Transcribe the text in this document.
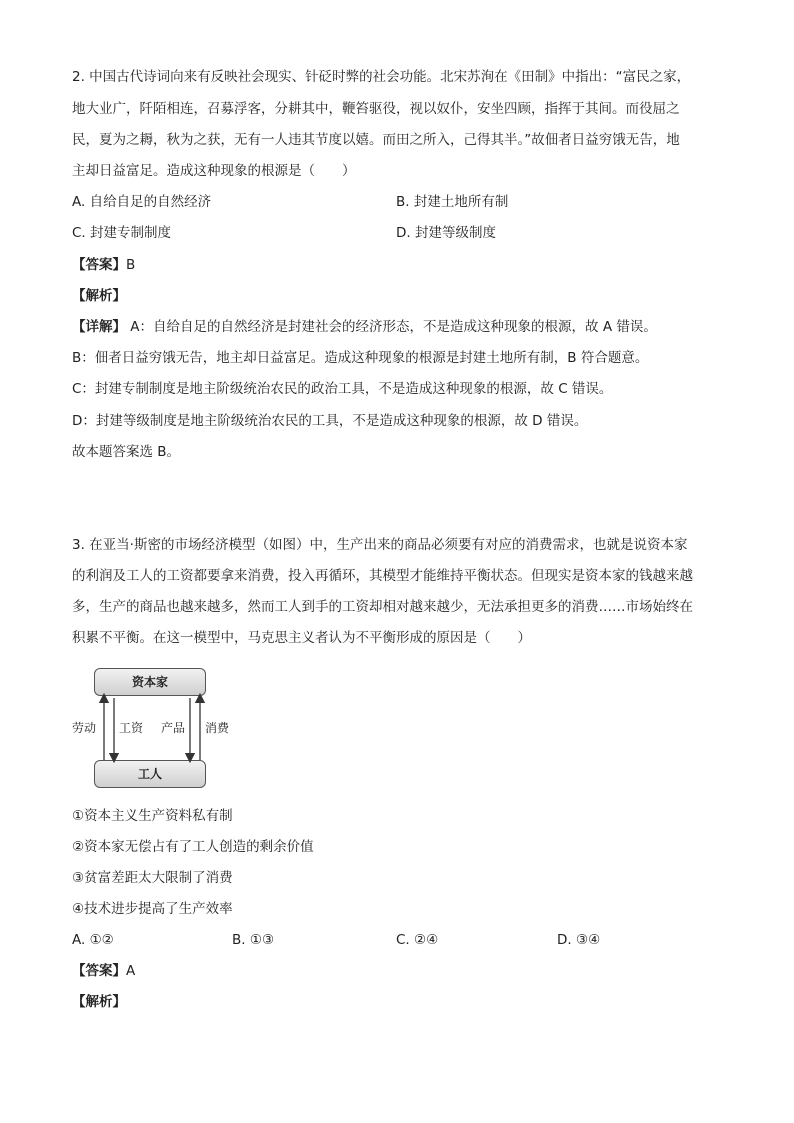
2. 中国古代诗词向来有反映社会现实、针砭时弊的社会功能。北宋苏洵在《田制》中指出：“富民之家，
地大业广，阡陌相连，召募浮客，分耕其中，鞭笞驱役，视以奴仆，安坐四顾，指挥于其间。而役屈之
民，夏为之耨，秋为之获，无有一人违其节度以嬉。而田之所入，己得其半。”故佃者日益穷饿无告，地
主却日益富足。造成这种现象的根源是（　　）
A. 自给自足的自然经济	B. 封建土地所有制
C. 封建专制制度	D. 封建等级制度
【答案】B
【解析】
【详解】 A：自给自足的自然经济是封建社会的经济形态，不是造成这种现象的根源，故 A 错误。
B：佃者日益穷饿无告，地主却日益富足。造成这种现象的根源是封建土地所有制，B 符合题意。
C：封建专制制度是地主阶级统治农民的政治工具，不是造成这种现象的根源，故 C 错误。
D：封建等级制度是地主阶级统治农民的工具，不是造成这种现象的根源，故 D 错误。
故本题答案选 B。
3. 在亚当·斯密的市场经济模型（如图）中，生产出来的商品必须要有对应的消费需求，也就是说资本家
的利润及工人的工资都要拿来消费，投入再循环，其模型才能维持平衡状态。但现实是资本家的钱越来越
多，生产的商品也越来越多，然而工人到手的工资却相对越来越少，无法承担更多的消费……市场始终在
积累不平衡。在这一模型中，马克思主义者认为不平衡形成的原因是（　　）
资本家
工人
劳动 工资 产品 消费
①资本主义生产资料私有制
②资本家无偿占有了工人创造的剩余价值
③贫富差距太大限制了消费
④技术进步提高了生产效率
A. ①②	B. ①③	C. ②④	D. ③④
【答案】A
【解析】
